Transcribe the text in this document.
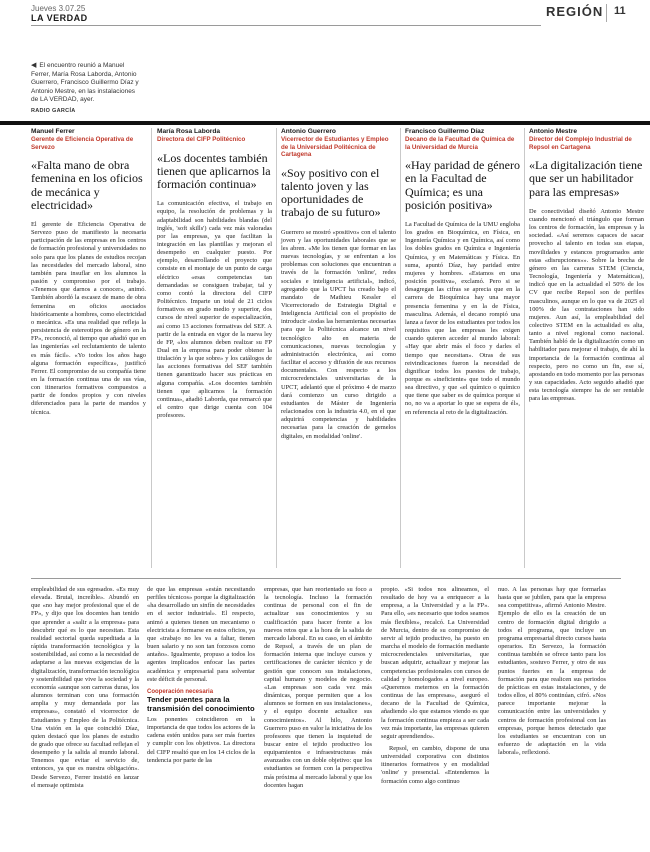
Jueves 3.07.25
LA VERDAD	REGIÓN 11
◀ El encuentro reunió a Manuel Ferrer, María Rosa Laborda, Antonio Guerrero, Francisco Guillermo Díaz y Antonio Mestre, en las instalaciones de LA VERDAD, ayer.
RADIO GARCÍA
Manuel Ferrer
Gerente de Eficiencia Operativa de Servezo
«Falta mano de obra femenina en los oficios de mecánica y electricidad»
El gerente de Eficiencia Operativa de Servezo puso de manifiesto la necesaria participación de las empresas en los centros de formación profesional y universidades no solo para que los planes de estudios recojan las necesidades del mercado laboral, sino también para insuflar en los alumnos la pasión y compromiso por el trabajo. «Tenemos que darnos a conocer», animó. También abordó la escasez de mano de obra femenina en oficios asociados históricamente a hombres, como electricidad o mecánica. «Es una realidad que refleja la persistencia de estereotipos de género en la FP», reconoció, al tiempo que añadió que en las ingenierías «el reclutamiento de talento es más fácil». «Yo todos los años hago alguna formación específica», justificó Ferrer. El compromiso de su compañía tiene en la formación continua una de sus vías, con itinerarios formativos compuestos a partir de fondos propios y con niveles diferenciados para la parte de mandos y técnica.
María Rosa Laborda
Directora del CIFP Politécnico
«Los docentes también tienen que aplicarnos la formación continua»
La comunicación efectiva, el trabajo en equipo, la resolución de problemas y la adaptabilidad son habilidades blandas (del inglés, 'soft skills') cada vez más valoradas por las empresas, ya que facilitan la integración en las plantillas y mejoran el desempeño en cualquier puesto. Por ejemplo, desarrollando el proyecto que consiste en el montaje de un punto de carga eléctrico «esas competencias tan demandadas se consiguen trabajar, tal y como contó la directora del CIFP Politécnico. Imparte un total de 21 ciclos formativos en grado medio y superior, dos cursos de nivel superior de especialización, así como 13 acciones formativas del SEF. A partir de la entrada en vigor de la nueva ley de FP, «los alumnos deben realizar su FP Dual en la empresa para poder obtener la titulación y la que sobre» y los catálogos de las acciones formativas del SEF también tienen garantizado hacer sus prácticas en alguna compañía. «Los docentes también tienen que aplicarnos la formación continua», añadió Laborda, que remarcó que el centro que dirige cuenta con 104 profesores.
Antonio Guerrero
Vicerrector de Estudiantes y Empleo de la Universidad Politécnica de Cartagena
«Soy positivo con el talento joven y las oportunidades de trabajo de su futuro»
Guerrero se mostró «positivo» con el talento joven y las oportunidades laborales que se les abren. «Me los tienen que formar en las nuevas tecnologías, y se enfrentan a los problemas con soluciones que encuentran a través de la formación 'online', redes sociales e inteligencia artificial», indicó, agregando que la UPCT ha creado bajo el mandato de Mathieu Kessler el Vicerrectorado de Estrategia Digital e Inteligencia Artificial con el propósito de introducir «todas las herramientas necesarias para que la Politécnica alcance un nivel tecnológico alto en materia de comunicaciones, nuevas tecnologías y administración electrónica, así como facilitar el acceso y difusión de sus recursos documentales. Con respecto a los microcredenciales universitarias de la UPCT, adelantó que el próximo 4 de marzo dará comienzo un curso dirigido a estudiantes de Máster de Ingeniería relacionados con la industria 4.0, en el que adquirirá competencias y habilidades necesarias para la creación de gemelos digitales, en modalidad 'online'.
Francisco Guillermo Díaz
Decano de la Facultad de Química de la Universidad de Murcia
«Hay paridad de género en la Facultad de Química; es una posición positiva»
La Facultad de Química de la UMU engloba los grados en Bioquímica, en Física, en Ingeniería Química y en Química, así como los dobles grados en Química e Ingeniería Química, y en Matemáticas y Física. En suma, apuntó Díaz, hay paridad entre mujeres y hombres. «Estamos en una posición positiva», exclamó. Pero si se desagregan las cifras se aprecia que en la carrera de Bioquímica hay una mayor presencia femenina y en la de Física, masculina. Además, el decano rompió una lanza a favor de los estudiantes por todos los requisitos que las empresas les exigen cuando quieren acceder al mundo laboral: «Hay que abrir más el foco y darles el tiempo que necesitan». Otras de sus reivindicaciones fueron la necesidad de dignificar todos los puestos de trabajo, porque es «ineficiente» que todo el mundo sea directivo, y que «el químico o químico que tiene que saber es de química porque si no, no va a aportar lo que se espera de él», en referencia al reto de la digitalización.
Antonio Mestre
Director del Complejo Industrial de Repsol en Cartagena
«La digitalización tiene que ser un habilitador para las empresas»
De conectividad diseñó Antonio Mestre cuando mencionó el triángulo que forman los centros de formación, las empresas y la sociedad. «Así seremos capaces de sacar provecho al talento en todas sus etapas, movilidades y estancos programados ante estas «disrupciones»». Sobre la brecha de género en las carreras STEM (Ciencia, Tecnología, Ingeniería y Matemáticas), indicó que en la actualidad el 50% de los CV que recibe Repsol son de perfiles masculinos, aunque en lo que va de 2025 el 100% de las contrataciones han sido mujeres. Aun así, la empleabilidad del colectivo STEM en la actualidad es alta, tanto a nivel regional como nacional. También habló de la digitalización como un habilitador para mejorar el trabajo, de ahí la importancia de la formación continua al respecto, pero no como un fin, ese sí, apostando en todo momento por las personas y sus capacidades. Acto seguido añadió que esta tecnología siempre ha de ser rentable para las empresas.
empleabilidad de sus egresados. «Es muy elevada. Brutal, increíble». Abundó en que «no hay mejor profesional que el de FP», y dijo que los docentes han tenido que aprender a «salir a la empresa» para descubrir qué es lo que necesitan. Esta realidad sectorial queda supeditada a la rápida transformación tecnológica y la sostenibilidad, así como a la necesidad de adaptarse a las nuevas exigencias de la digitalización, transformación tecnológica y sostenibilidad que vive la sociedad y la economía «aunque son carreras duras, los alumnos terminan con una formación amplia y muy demandada por las empresas», constató el vicerrector de Estudiantes y Empleo de la Politécnica. Una visión en la que coincidió Díaz, quien destacó que los planes de estudio de grado que ofrece su facultad reflejan el desempeño y la salida al mundo laboral. Tenemos que evitar el servicio de, entonces, ya que es nuestra obligación». Desde Servezo, Ferrer insistió en lanzar el mensaje optimista
de que las empresas «están necesitando perfiles técnicos» porque la digitalización «ha desarrollado un sinfín de necesidades en el sector industrial». El respecto, animó a quienes tienen un mecanismo o electricista a formarse en estos oficios, ya que «trabajo no les va a faltar, tienen buen salario y no son tan forzosos como antaño». Igualmente, propuso a todos los agentes implicados enfocar las partes académica y empresarial para solventar este déficit de personal.
Cooperación necesaria
Tender puentes para la transmisión del conocimiento
Los ponentes coincidieron en la importancia de que todos los actores de la cadena estén unidos para ser más fuertes y cumplir con los objetivos. La directora del CIFP resaltó que en los 14 ciclos de la tendencia por parte de las
empresas, que han reorientado su foco a la tecnología. Incluso la formación continua de personal con el fin de actualizar sus conocimientos y su cualificación para hacer frente a los nuevos retos que a la hora de la salida de mercado laboral. En su caso, en el ámbito de Repsol, a través de un plan de formación interna que incluye cursos y certificaciones de carácter técnico y de gestión que conocen sus instalaciones, capital humano y modelos de negocio. «Las empresas son cada vez más dinámicas, porque permiten que a los alumnos se formen en sus instalaciones», y el equipo docente actualice sus conocimientos». Al hilo, Antonio Guerrero puso en valor la iniciativa de los profesores que tienen la inquietud de buscar entre el tejido productivo los equipamientos e infraestructuras más avanzados con un doble objetivo: que los estudiantes se formen con la perspectiva más próxima al mercado laboral y que los docentes hagan
propio. «Si todos nos alineamos, el resultado de hoy va a enriquecer a la empresa, a la Universidad y a la FP». Para ello, «es necesario que todos seamos más flexibles», recalcó. La Universidad de Murcia, dentro de su compromiso de servir al tejido productivo, ha puesto en marcha el modelo de formación mediante microcredenciales universitarias, que buscan adquirir, actualizar y mejorar las competencias profesionales con cursos de calidad y homologados a nivel europeo. «Queremos meternos en la formación continua de las empresas», aseguró el decano de la Facultad de Química, añadiendo «lo que estamos viendo es que la formación continua empieza a ser cada vez más importante, las empresas quieren seguir aprendiendo».
Repsol, en cambio, dispone de una universidad corporativa con distintos itinerarios formativos y en modalidad 'online' y presencial. «Entendemos la formación como algo continuo
nuo. A las personas hay que formarlas hasta que se jubilen, para que la empresa sea competitiva», afirmó Antonio Mestre. Ejemplo de ello es la creación de un centro de formación digital dirigido a todos el programa, que incluye un programa empresarial directo cursos hasta operarios. En Servezo, la formación continua también se ofrece tanto para los estudiantes, sostuvo Ferrer, y otro de sus puntos fuertes en la empresa de formación para que realicen sus periodos de prácticas en estas instalaciones, y de todos ellos, el 80% continúan, cifró. «Nos parece importante mejorar la comunicación entre las universidades y centros de formación profesional con las empresas, porque hemos detectado que los estudiantes se encuentran con un esfuerzo de adaptación en la vida laboral», reflexionó.
